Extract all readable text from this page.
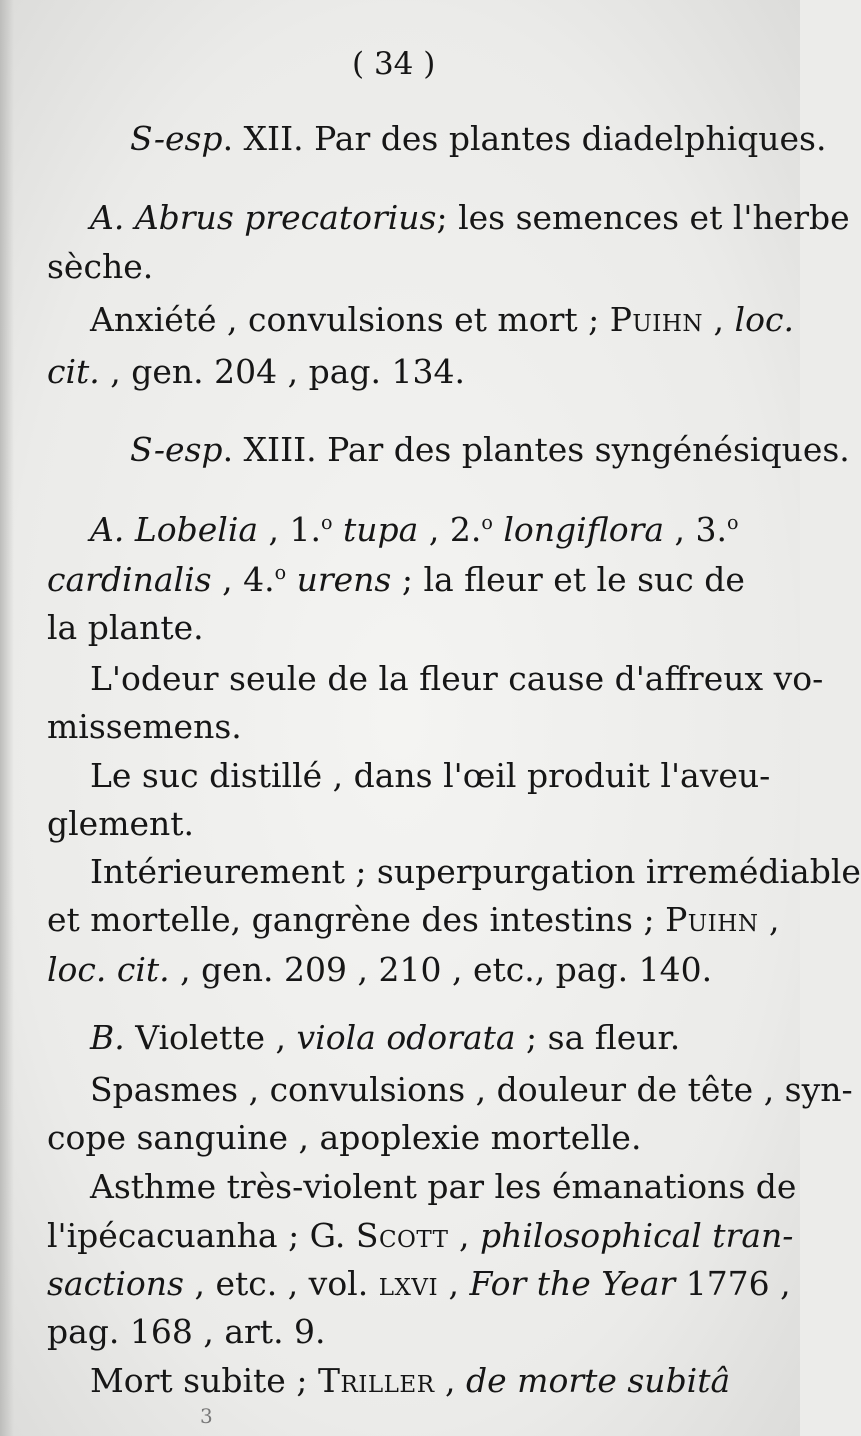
( 34 )
S-esp. XII. Par des plantes diadelphiques.
A. Abrus precatorius; les semences et l'herbe
sèche.
Anxiété , convulsions et mort ; Puihn , loc.
cit. , gen. 204 , pag. 134.
S-esp. XIII. Par des plantes syngénésiques.
A. Lobelia , 1.$^o$ tupa , 2.$^o$ longiflora , 3.$^o$
cardinalis , 4.$^o$ urens ; la fleur et le suc de
la plante.
L'odeur seule de la fleur cause d'affreux vo-
missemens.
Le suc distillé , dans l'œil produit l'aveu-
glement.
Intérieurement ; superpurgation irremédiable
et mortelle, gangrène des intestins ; Puihn ,
loc. cit. , gen. 209 , 210 , etc., pag. 140.
B. Violette , viola odorata ; sa fleur.
Spasmes , convulsions , douleur de tête , syn-
cope sanguine , apoplexie mortelle.
Asthme très-violent par les émanations de
l'ipécacuanha ; G. Scott , philosophical tran-
sactions , etc. , vol. lxvi , For the Year 1776 ,
pag. 168 , art. 9.
Mort subite ; Triller , de morte subitâ
3
